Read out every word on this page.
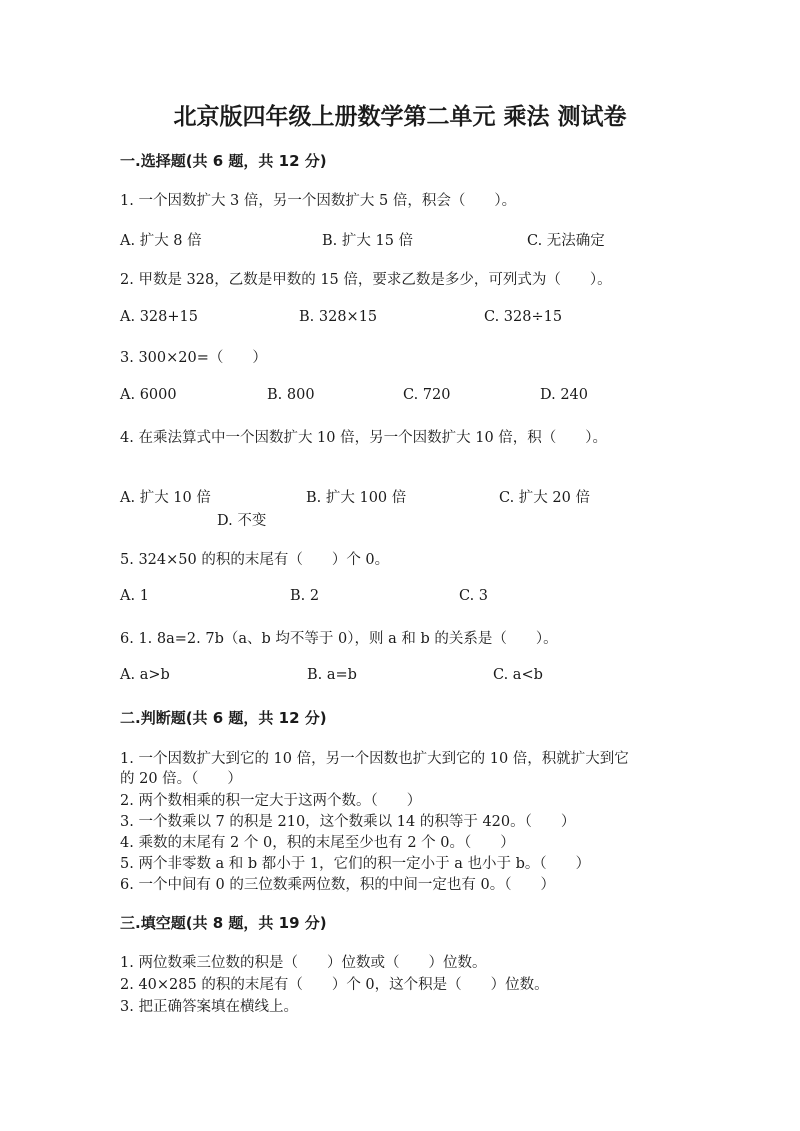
北京版四年级上册数学第二单元 乘法 测试卷
一.选择题(共 6 题，共 12 分)
1. 一个因数扩大 3 倍，另一个因数扩大 5 倍，积会（　　）。
A. 扩大 8 倍	B. 扩大 15 倍	C. 无法确定
2. 甲数是 328，乙数是甲数的 15 倍，要求乙数是多少，可列式为（　　）。
A. 328+15	B. 328×15	C. 328÷15
3. 300×20=（　　）
A. 6000	B. 800	C. 720	D. 240
4. 在乘法算式中一个因数扩大 10 倍，另一个因数扩大 10 倍，积（　　）。
A. 扩大 10 倍	B. 扩大 100 倍	C. 扩大 20 倍
D. 不变
5. 324×50 的积的末尾有（　　）个 0。
A. 1	B. 2	C. 3
6. 1. 8a=2. 7b（a、b 均不等于 0），则 a 和 b 的关系是（　　）。
A. a>b	B. a=b	C. a<b
二.判断题(共 6 题，共 12 分)
1. 一个因数扩大到它的 10 倍，另一个因数也扩大到它的 10 倍，积就扩大到它
的 20 倍。（　　）
2. 两个数相乘的积一定大于这两个数。（　　）
3. 一个数乘以 7 的积是 210，这个数乘以 14 的积等于 420。（　　）
4. 乘数的末尾有 2 个 0，积的末尾至少也有 2 个 0。（　　）
5. 两个非零数 a 和 b 都小于 1，它们的积一定小于 a 也小于 b。（　　）
6. 一个中间有 0 的三位数乘两位数，积的中间一定也有 0。（　　）
三.填空题(共 8 题，共 19 分)
1. 两位数乘三位数的积是（　　）位数或（　　）位数。
2. 40×285 的积的末尾有（　　）个 0，这个积是（　　）位数。
3. 把正确答案填在横线上。
